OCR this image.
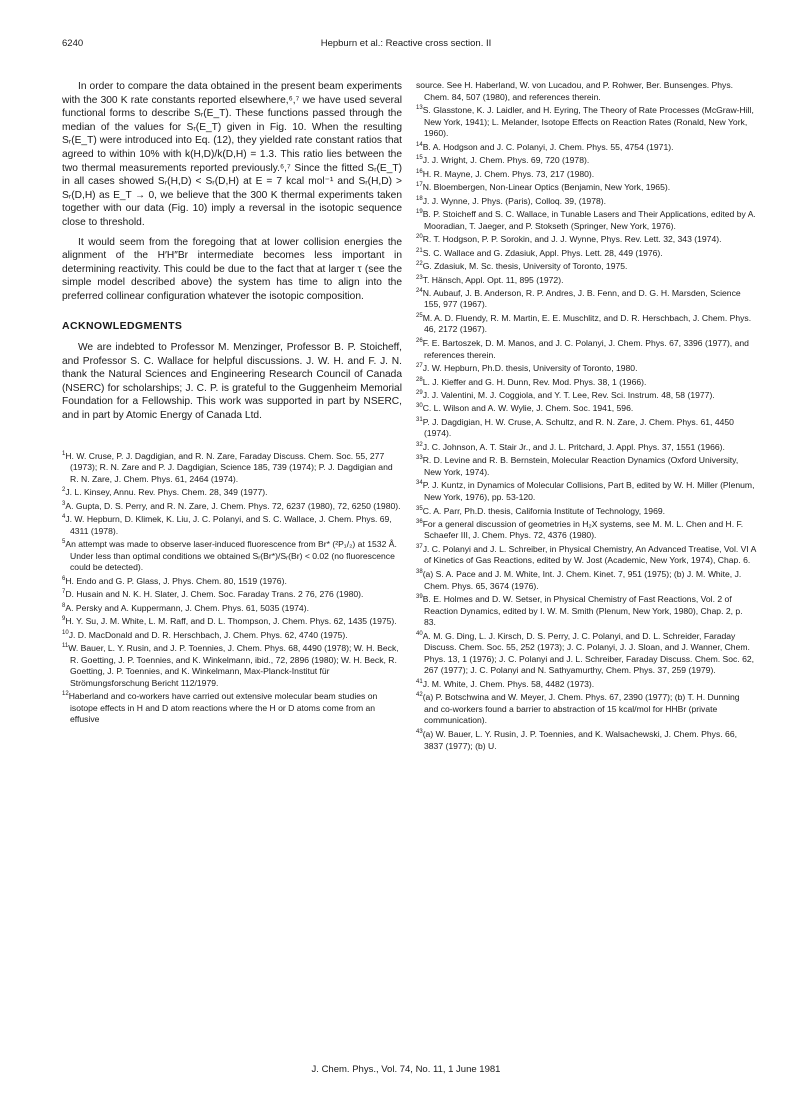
6240	Hepburn et al.: Reactive cross section. II

In order to compare the data obtained in the present beam experiments with the 300 K rate constants reported elsewhere,⁶,⁷ we have used several functional forms to describe Sᵣ(E_T). These functions passed through the median of the values for Sᵣ(E_T) given in Fig. 10. When the resulting Sᵣ(E_T) were introduced into Eq. (12), they yielded rate constant ratios that agreed to within 10% with k(H,D)/k(D,H) = 1.3. This ratio lies between the two thermal measurements reported previously.⁶,⁷ Since the fitted Sᵣ(E_T) in all cases showed Sᵣ(H,D) < Sᵣ(D,H) at E = 7 kcal mol⁻¹ and Sᵣ(H,D) > Sᵣ(D,H) as E_T → 0, we believe that the 300 K thermal experiments taken together with our data (Fig. 10) imply a reversal in the isotopic sequence close to threshold.

It would seem from the foregoing that at lower collision energies the alignment of the H′H″Br intermediate becomes less important in determining reactivity. This could be due to the fact that at larger τ (see the simple model described above) the system has time to align into the preferred collinear configuration whatever the isotopic composition.

ACKNOWLEDGMENTS

We are indebted to Professor M. Menzinger, Professor B. P. Stoicheff, and Professor S. C. Wallace for helpful discussions. J. W. H. and F. J. N. thank the Natural Sciences and Engineering Research Council of Canada (NSERC) for scholarships; J. C. P. is grateful to the Guggenheim Memorial Foundation for a Fellowship. This work was supported in part by NSERC, and in part by Atomic Energy of Canada Ltd.

$^1$H. W. Cruse, P. J. Dagdigian, and R. N. Zare, Faraday Discuss. Chem. Soc. 55, 277 (1973); R. N. Zare and P. J. Dagdigian, Science 185, 739 (1974); P. J. Dagdigian and R. N. Zare, J. Chem. Phys. 61, 2464 (1974).
$^2$J. L. Kinsey, Annu. Rev. Phys. Chem. 28, 349 (1977).
$^3$A. Gupta, D. S. Perry, and R. N. Zare, J. Chem. Phys. 72, 6237 (1980), 72, 6250 (1980).
$^4$J. W. Hepburn, D. Klimek, K. Liu, J. C. Polanyi, and S. C. Wallace, J. Chem. Phys. 69, 4311 (1978).
$^5$An attempt was made to observe laser-induced fluorescence from Br* (²P₁/₂) at 1532 Å. Under less than optimal conditions we obtained Sᵣ(Br*)/Sᵣ(Br) < 0.02 (no fluorescence could be detected).
$^6$H. Endo and G. P. Glass, J. Phys. Chem. 80, 1519 (1976).
$^7$D. Husain and N. K. H. Slater, J. Chem. Soc. Faraday Trans. 2 76, 276 (1980).
$^8$A. Persky and A. Kuppermann, J. Chem. Phys. 61, 5035 (1974).
$^9$H. Y. Su, J. M. White, L. M. Raff, and D. L. Thompson, J. Chem. Phys. 62, 1435 (1975).
$^{10}$J. D. MacDonald and D. R. Herschbach, J. Chem. Phys. 62, 4740 (1975).
$^{11}$W. Bauer, L. Y. Rusin, and J. P. Toennies, J. Chem. Phys. 68, 4490 (1978); W. H. Beck, R. Goetting, J. P. Toennies, and K. Winkelmann, ibid., 72, 2896 (1980); W. H. Beck, R. Goetting, J. P. Toennies, and K. Winkelmann, Max-Planck-Institut für Strömungsforschung Bericht 112/1979.
$^{12}$Haberland and co-workers have carried out extensive molecular beam studies on isotope effects in H and D atom reactions where the H or D atoms come from an effusive
source. See H. Haberland, W. von Lucadou, and P. Rohwer, Ber. Bunsenges. Phys. Chem. 84, 507 (1980), and references therein.
$^{13}$S. Glasstone, K. J. Laidler, and H. Eyring, The Theory of Rate Processes (McGraw-Hill, New York, 1941); L. Melander, Isotope Effects on Reaction Rates (Ronald, New York, 1960).
$^{14}$B. A. Hodgson and J. C. Polanyi, J. Chem. Phys. 55, 4754 (1971).
$^{15}$J. J. Wright, J. Chem. Phys. 69, 720 (1978).
$^{16}$H. R. Mayne, J. Chem. Phys. 73, 217 (1980).
$^{17}$N. Bloembergen, Non-Linear Optics (Benjamin, New York, 1965).
$^{18}$J. J. Wynne, J. Phys. (Paris), Colloq. 39, (1978).
$^{19}$B. P. Stoicheff and S. C. Wallace, in Tunable Lasers and Their Applications, edited by A. Mooradian, T. Jaeger, and P. Stokseth (Springer, New York, 1976).
$^{20}$R. T. Hodgson, P. P. Sorokin, and J. J. Wynne, Phys. Rev. Lett. 32, 343 (1974).
$^{21}$S. C. Wallace and G. Zdasiuk, Appl. Phys. Lett. 28, 449 (1976).
$^{22}$G. Zdasiuk, M. Sc. thesis, University of Toronto, 1975.
$^{23}$T. Hänsch, Appl. Opt. 11, 895 (1972).
$^{24}$N. Aubauf, J. B. Anderson, R. P. Andres, J. B. Fenn, and D. G. H. Marsden, Science 155, 977 (1967).
$^{25}$M. A. D. Fluendy, R. M. Martin, E. E. Muschlitz, and D. R. Herschbach, J. Chem. Phys. 46, 2172 (1967).
$^{26}$F. E. Bartoszek, D. M. Manos, and J. C. Polanyi, J. Chem. Phys. 67, 3396 (1977), and references therein.
$^{27}$J. W. Hepburn, Ph.D. thesis, University of Toronto, 1980.
$^{28}$L. J. Kieffer and G. H. Dunn, Rev. Mod. Phys. 38, 1 (1966).
$^{29}$J. J. Valentini, M. J. Coggiola, and Y. T. Lee, Rev. Sci. Instrum. 48, 58 (1977).
$^{30}$C. L. Wilson and A. W. Wylie, J. Chem. Soc. 1941, 596.
$^{31}$P. J. Dagdigian, H. W. Cruse, A. Schultz, and R. N. Zare, J. Chem. Phys. 61, 4450 (1974).
$^{32}$J. C. Johnson, A. T. Stair Jr., and J. L. Pritchard, J. Appl. Phys. 37, 1551 (1966).
$^{33}$R. D. Levine and R. B. Bernstein, Molecular Reaction Dynamics (Oxford University, New York, 1974).
$^{34}$P. J. Kuntz, in Dynamics of Molecular Collisions, Part B, edited by W. H. Miller (Plenum, New York, 1976), pp. 53-120.
$^{35}$C. A. Parr, Ph.D. thesis, California Institute of Technology, 1969.
$^{36}$For a general discussion of geometries in H₂X systems, see M. M. L. Chen and H. F. Schaefer III, J. Chem. Phys. 72, 4376 (1980).
$^{37}$J. C. Polanyi and J. L. Schreiber, in Physical Chemistry, An Advanced Treatise, Vol. VI A of Kinetics of Gas Reactions, edited by W. Jost (Academic, New York, 1974), Chap. 6.
$^{38}$(a) S. A. Pace and J. M. White, Int. J. Chem. Kinet. 7, 951 (1975); (b) J. M. White, J. Chem. Phys. 65, 3674 (1976).
$^{39}$B. E. Holmes and D. W. Setser, in Physical Chemistry of Fast Reactions, Vol. 2 of Reaction Dynamics, edited by I. W. M. Smith (Plenum, New York, 1980), Chap. 2, p. 83.
$^{40}$A. M. G. Ding, L. J. Kirsch, D. S. Perry, J. C. Polanyi, and D. L. Schreider, Faraday Discuss. Chem. Soc. 55, 252 (1973); J. C. Polanyi, J. J. Sloan, and J. Wanner, Chem. Phys. 13, 1 (1976); J. C. Polanyi and J. L. Schreiber, Faraday Discuss. Chem. Soc. 62, 267 (1977); J. C. Polanyi and N. Sathyamurthy, Chem. Phys. 37, 259 (1979).
$^{41}$J. M. White, J. Chem. Phys. 58, 4482 (1973).
$^{42}$(a) P. Botschwina and W. Meyer, J. Chem. Phys. 67, 2390 (1977); (b) T. H. Dunning and co-workers found a barrier to abstraction of 15 kcal/mol for HHBr (private communication).
$^{43}$(a) W. Bauer, L. Y. Rusin, J. P. Toennies, and K. Walsachewski, J. Chem. Phys. 66, 3837 (1977); (b) U.
J. Chem. Phys., Vol. 74, No. 11, 1 June 1981
